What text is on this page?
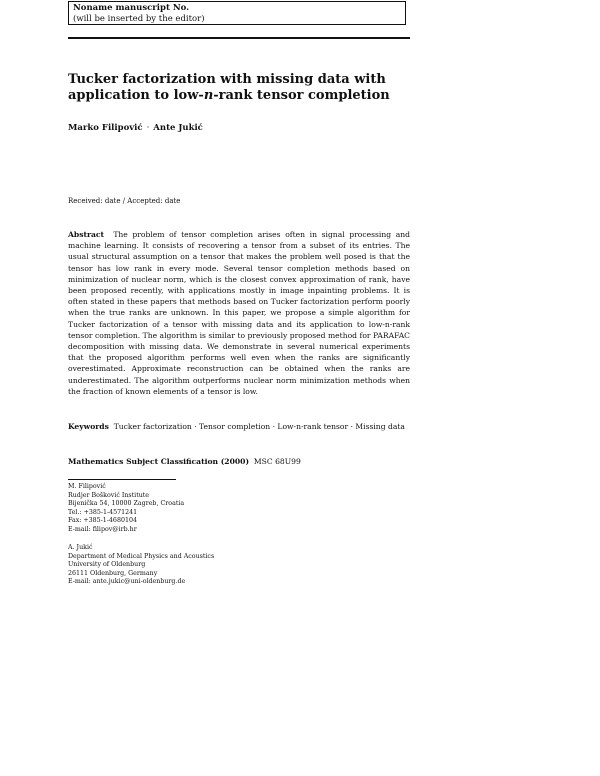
Noname manuscript No.
(will be inserted by the editor)
Tucker factorization with missing data with
application to low-n-rank tensor completion
Marko Filipović · Ante Jukić
Received: date / Accepted: date
Abstract The problem of tensor completion arises often in signal processing and machine learning. It consists of recovering a tensor from a subset of its entries. The usual structural assumption on a tensor that makes the problem well posed is that the tensor has low rank in every mode. Several tensor completion methods based on minimization of nuclear norm, which is the closest convex approximation of rank, have been proposed recently, with applications mostly in image inpainting problems. It is often stated in these papers that methods based on Tucker factorization perform poorly when the true ranks are unknown. In this paper, we propose a simple algorithm for Tucker factorization of a tensor with missing data and its application to low-n-rank tensor completion. The algorithm is similar to previously proposed method for PARAFAC decomposition with missing data. We demonstrate in several numerical experiments that the proposed algorithm performs well even when the ranks are significantly overestimated. Approximate reconstruction can be obtained when the ranks are underestimated. The algorithm outperforms nuclear norm minimization methods when the fraction of known elements of a tensor is low.
Keywords Tucker factorization · Tensor completion · Low-n-rank tensor · Missing data
Mathematics Subject Classification (2000) MSC 68U99
M. Filipović
Rudjer Bošković Institute
Bijenička 54, 10000 Zagreb, Croatia
Tel.: +385-1-4571241
Fax: +385-1-4680104
E-mail: filipov@irb.hr
A. Jukić
Department of Medical Physics and Acoustics
University of Oldenburg
26111 Oldenburg, Germany
E-mail: ante.jukic@uni-oldenburg.de
